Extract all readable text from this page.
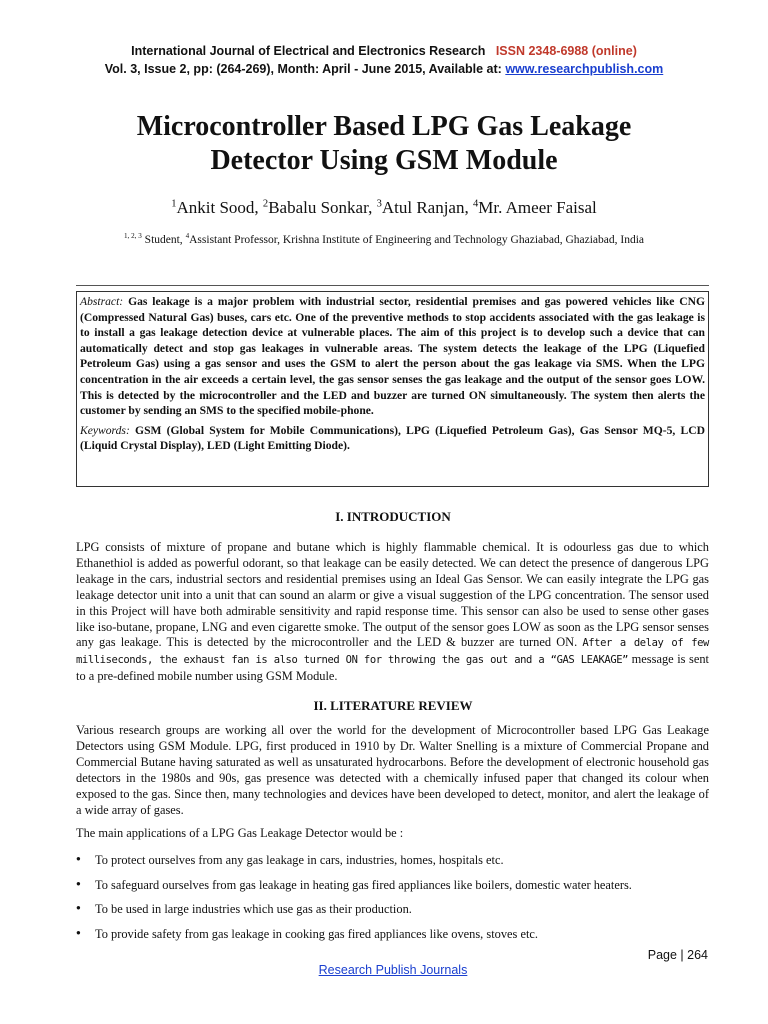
International Journal of Electrical and Electronics Research ISSN 2348-6988 (online)
Vol. 3, Issue 2, pp: (264-269), Month: April - June 2015, Available at: www.researchpublish.com
Microcontroller Based LPG Gas Leakage
Detector Using GSM Module
$^1$Ankit Sood, $^2$Babalu Sonkar, $^3$Atul Ranjan, $^4$Mr. Ameer Faisal
$^{1, 2, 3}$ Student, $^4$Assistant Professor, Krishna Institute of Engineering and Technology Ghaziabad, Ghaziabad, India

Abstract: Gas leakage is a major problem with industrial sector, residential premises and gas powered vehicles like CNG (Compressed Natural Gas) buses, cars etc. One of the preventive methods to stop accidents associated with the gas leakage is to install a gas leakage detection device at vulnerable places. The aim of this project is to develop such a device that can automatically detect and stop gas leakages in vulnerable areas. The system detects the leakage of the LPG (Liquefied Petroleum Gas) using a gas sensor and uses the GSM to alert the person about the gas leakage via SMS. When the LPG concentration in the air exceeds a certain level, the gas sensor senses the gas leakage and the output of the sensor goes LOW. This is detected by the microcontroller and the LED and buzzer are turned ON simultaneously. The system then alerts the customer by sending an SMS to the specified mobile-phone.

Keywords: GSM (Global System for Mobile Communications), LPG (Liquefied Petroleum Gas), Gas Sensor MQ-5, LCD (Liquid Crystal Display), LED (Light Emitting Diode).

I. INTRODUCTION

LPG consists of mixture of propane and butane which is highly flammable chemical. It is odourless gas due to which Ethanethiol is added as powerful odorant, so that leakage can be easily detected. We can detect the presence of dangerous LPG leakage in the cars, industrial sectors and residential premises using an Ideal Gas Sensor. We can easily integrate the LPG gas leakage detector unit into a unit that can sound an alarm or give a visual suggestion of the LPG concentration. The sensor used in this Project will have both admirable sensitivity and rapid response time. This sensor can also be used to sense other gases like iso-butane, propane, LNG and even cigarette smoke. The output of the sensor goes LOW as soon as the LPG sensor senses any gas leakage. This is detected by the microcontroller and the LED & buzzer are turned ON. After a delay of few milliseconds, the exhaust fan is also turned ON for throwing the gas out and a “GAS LEAKAGE” message is sent to a pre-defined mobile number using GSM Module.

II. LITERATURE REVIEW

Various research groups are working all over the world for the development of Microcontroller based LPG Gas Leakage Detectors using GSM Module. LPG, first produced in 1910 by Dr. Walter Snelling is a mixture of Commercial Propane and Commercial Butane having saturated as well as unsaturated hydrocarbons. Before the development of electronic household gas detectors in the 1980s and 90s, gas presence was detected with a chemically infused paper that changed its colour when exposed to the gas. Since then, many technologies and devices have been developed to detect, monitor, and alert the leakage of a wide array of gases.

The main applications of a LPG Gas Leakage Detector would be :
● To protect ourselves from any gas leakage in cars, industries, homes, hospitals etc.
● To safeguard ourselves from gas leakage in heating gas fired appliances like boilers, domestic water heaters.
● To be used in large industries which use gas as their production.
● To provide safety from gas leakage in cooking gas fired appliances like ovens, stoves etc.
Page | 264
Research Publish Journals
